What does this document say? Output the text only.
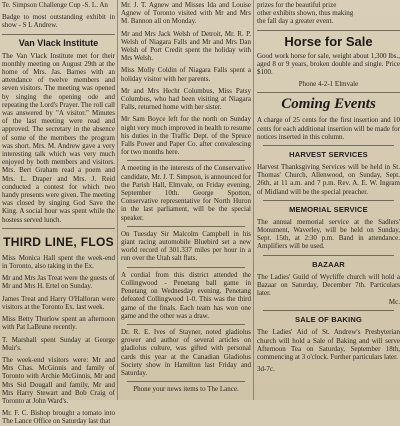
Te. Simpson Challenge Cup -S. L. An

Badge to most outstanding exhibit in show - S L Andrew.

Van Vlack Institute

The Van Vlack Institute met for their monthly meeting on August 29th at the home of Mrs. Jas. Barnes with an attendance of twelve members and seven visitors. The meeting was opened by singing the opening ode and repeating the Lord's Prayer. The roll call was answered by "A visitor." Minutes of the last meeting were read and approved. The secretary in the absence of some of the members the program was short. Mrs. M. Andrew gave a very interesting talk which was very much enjoyed by both members and visitors. Mrs. Bert Graham read a poem and Mrs. L. Draper and Mrs. J. Reid conducted a contest for which two handy presents were given. The meeting was closed by singing God Save the King. A social hour was spent while the hostess served lunch.

THIRD LINE, FLOS

Miss Monica Hall spent the week-end in Toronto, also taking in the Ex.

Mr and Mrs Jas Treat were the guests of Mr and Mrs H. Ertel on Sunday.

James Treat and Harry O'Halloran were visitors at the Toronto Ex. last week.

Miss Betty Thurlow spent an afternoon with Pat LaBrune recently.

T. Marshall spent Sunday at George Muir's.

The week-end visitors were: Mr and Mrs Chas. McGinnis and family of Toronto with Archie McGinnis, Mr and Mrs Sid Dougall and family, Mr and Mrs Harry Stewart and Bob Craig of Toronto at John Ward's.

Mr. F. C. Bishop brought a tomato into The Lance Office on Saturday last that

Mr. J. T. Agnew and Misses Ida and Louise Agnew of Toronto visited with Mr and Mrs M. Bannon all on Monday.

Mr and Mrs Jack Welsh of Detroit, Mr. R. P. Welsh of Niagara Falls and Mr and Mrs Dan Welsh of Port Credit spent the holiday with Mrs Welsh.

Miss Molly Coldin of Niagara Falls spent a holiday visitor with her parents.

Mr and Mrs Hecht Columbus, Miss Patsy Columbus, who had been visiting at Niagara Falls, returned home with her sister.

Mr Sam Boyce left for the north on Sunday night very much improved in health to resume his duties in the Traffic Dept. of the Spruce Falls Power and Paper Co. after convalescing for two months here.

A meeting in the interests of the Conservative candidate, Mr. J. T. Simpson, is announced for the Parish Hall, Elmvale, on Friday evening, September 10th. George Spotton, Conservative representative for North Huron in the last parliament, will be the special speaker.

On Tuesday Sir Malcolm Campbell in his giant racing automobile Bluebird set a new world record of 301.337 miles per hour in a run over the Utah salt flats.

A cordial from this district attended the Collingwood - Penetang ball game in Penetang on Wednesday evening. Penetang defeated Collingwood 1-0. This was the third game of the finals. Each team has won one game and the other was a draw.

Dr. R. E. Ives of Stayner, noted gladiolus grower and author of several articles on gladiolus culture, was gifted with personal cards this year at the Canadian Gladiolus Society show in Hamilton last Friday and Saturday.

Phone your news items to The Lance.

prizes for the beautiful prize

other exhibits shown, thus making

the fall day a greater event.

Horse for Sale

Good work horse for sale, weight about 1,300 lbs., aged 8 or 9 years, broken double and single. Price $100.

Phone 4-2-1 Elmvale

Coming Events

A charge of 25 cents for the first insertion and 10 cents for each additional insertion will be made for notices inserted in this column.

HARVEST SERVICES

Harvest Thanksgiving Services will be held in St. Thomas' Church, Allenwood, on Sunday, Sept. 26th, at 11 a.m. and 7 p.m. Rev. A. E. W. Ingram of Midland will be the special preacher.

MEMORIAL SERVICE

The annual memorial service at the Sadlers' Monument, Waverley, will be held on Sunday, Sept. 15th, at 2:30 p.m. Band in attendance. Amplifiers will be used.

BAZAAR

The Ladies' Guild of Wycliffe church will hold a Bazaar on Saturday, December 7th. Particulars later.

Mc.

SALE OF BAKING

The Ladies' Aid of St. Andrew's Presbyterian church will hold a Sale of Baking and will serve Afternoon Tea on Saturday, September 18th, commencing at 3 o'clock. Further particulars later.

3d-7c.
